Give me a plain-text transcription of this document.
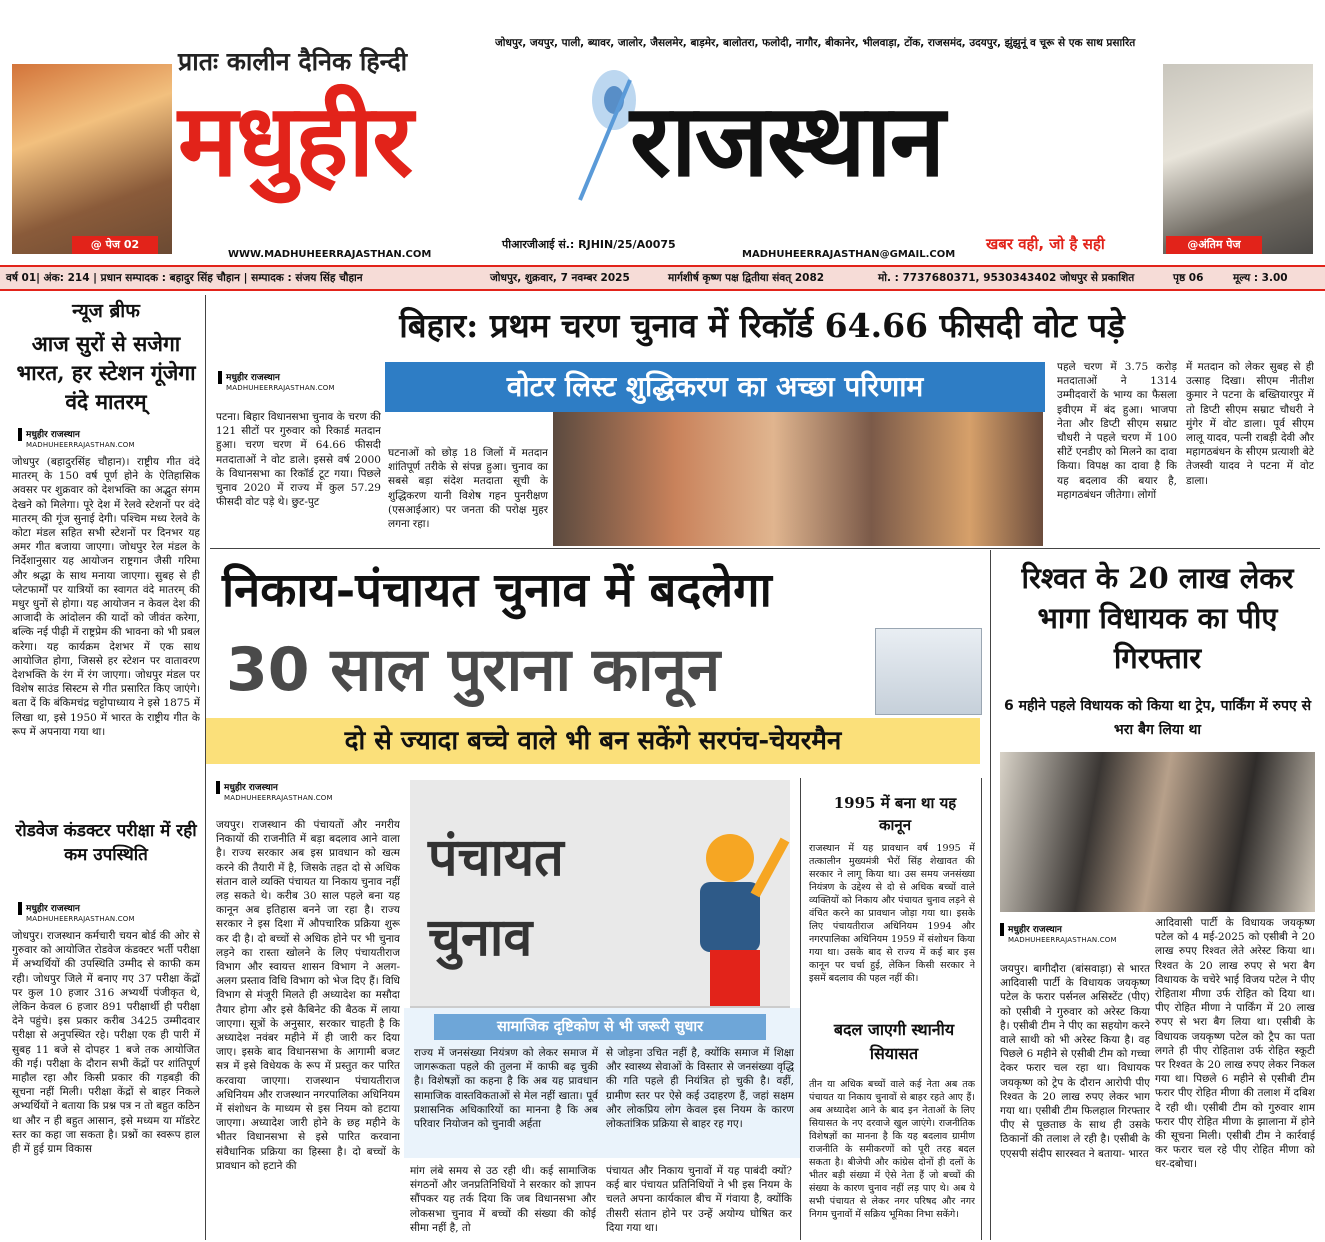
प्रातः कालीन दैनिक हिन्दी
जोधपुर, जयपुर, पाली, ब्यावर, जालोर, जैसलमेर, बाड़मेर, बालोतरा, फलोदी, नागौर, बीकानेर, भीलवाड़ा, टोंक, राजसमंद, उदयपुर, झुंझुनूं व चूरू से एक साथ प्रसारित
@ पेज 02
मधुहीर राजस्थान
@अंतिम पेज
WWW.MADHUHEERRAJASTHAN.COM
पीआरजीआई सं.: RJHIN/25/A0075
MADHUHEERRAJASTHAN@GMAIL.COM
खबर वही, जो है सही
वर्ष 01| अंक: 214 | प्रधान सम्पादक : बहादुर सिंह चौहान | सम्पादक : संजय सिंह चौहान	जोधपुर, शुक्रवार, 7 नवम्बर 2025	मार्गशीर्ष कृष्ण पक्ष द्वितीया संवत् 2082	मो. : 7737680371, 9530343402 जोधपुर से प्रकाशित	पृष्ठ 06	मूल्य : 3.00
न्यूज ब्रीफ
आज सुरों से सजेगा भारत, हर स्टेशन गूंजेगा वंदे मातरम्
मधुहीर राजस्थान
MADHUHEERRAJASTHAN.COM
जोधपुर (बहादुरसिंह चौहान)। राष्ट्रीय गीत वंदे मातरम् के 150 वर्ष पूर्ण होने के ऐतिहासिक अवसर पर शुक्रवार को देशभक्ति का अद्भुत संगम देखने को मिलेगा। पूरे देश में रेलवे स्टेशनों पर वंदे मातरम् की गूंज सुनाई देगी। पश्चिम मध्य रेलवे के कोटा मंडल सहित सभी स्टेशनों पर दिनभर यह अमर गीत बजाया जाएगा। जोधपुर रेल मंडल के निर्देशानुसार यह आयोजन राष्ट्रगान जैसी गरिमा और श्रद्धा के साथ मनाया जाएगा। सुबह से ही प्लेटफार्मों पर यात्रियों का स्वागत वंदे मातरम् की मधुर धुनों से होगा। यह आयोजन न केवल देश की आजादी के आंदोलन की यादों को जीवंत करेगा, बल्कि नई पीढ़ी में राष्ट्रप्रेम की भावना को भी प्रबल करेगा। यह कार्यक्रम देशभर में एक साथ आयोजित होगा, जिससे हर स्टेशन पर वातावरण देशभक्ति के रंग में रंग जाएगा। जोधपुर मंडल पर विशेष साउंड सिस्टम से गीत प्रसारित किए जाएंगे। बता दें कि बंकिमचंद्र चट्टोपाध्याय ने इसे 1875 में लिखा था, इसे 1950 में भारत के राष्ट्रीय गीत के रूप में अपनाया गया था।
रोडवेज कंडक्टर परीक्षा में रही कम उपस्थिति
मधुहीर राजस्थान
MADHUHEERRAJASTHAN.COM
जोधपुर। राजस्थान कर्मचारी चयन बोर्ड की ओर से गुरुवार को आयोजित रोडवेज कंडक्टर भर्ती परीक्षा में अभ्यर्थियों की उपस्थिति उम्मीद से काफी कम रही। जोधपुर जिले में बनाए गए 37 परीक्षा केंद्रों पर कुल 10 हजार 316 अभ्यर्थी पंजीकृत थे, लेकिन केवल 6 हजार 891 परीक्षार्थी ही परीक्षा देने पहुंचे। इस प्रकार करीब 3425 उम्मीदवार परीक्षा से अनुपस्थित रहे। परीक्षा एक ही पारी में सुबह 11 बजे से दोपहर 1 बजे तक आयोजित की गई। परीक्षा के दौरान सभी केंद्रों पर शांतिपूर्ण माहौल रहा और किसी प्रकार की गड़बड़ी की सूचना नहीं मिली। परीक्षा केंद्रों से बाहर निकले अभ्यर्थियों ने बताया कि प्रश्न पत्र न तो बहुत कठिन था और न ही बहुत आसान, इसे मध्यम या मॉडरेट स्तर का कहा जा सकता है। प्रश्नों का स्वरूप हाल ही में हुई ग्राम विकास
बिहार: प्रथम चरण चुनाव में रिकॉर्ड 64.66 फीसदी वोट पड़े
वोटर लिस्ट शुद्धिकरण का अच्छा परिणाम
मधुहीर राजस्थान
MADHUHEERRAJASTHAN.COM
पटना। बिहार विधानसभा चुनाव के चरण की 121 सीटों पर गुरुवार को रिकार्ड मतदान हुआ। चरण चरण में 64.66 फीसदी मतदाताओं ने वोट डाले। इससे वर्ष 2000 के विधानसभा का रिकॉर्ड टूट गया। पिछले चुनाव 2020 में राज्य में कुल 57.29 फीसदी वोट पड़े थे। छुट-पुट
घटनाओं को छोड़ 18 जिलों में मतदान शांतिपूर्ण तरीके से संपन्न हुआ। चुनाव का सबसे बड़ा संदेश मतदाता सूची के शुद्धिकरण यानी विशेष गहन पुनरीक्षण (एसआईआर) पर जनता की परोक्ष मुहर लगना रहा।
पहले चरण में 3.75 करोड़ मतदाताओं ने 1314 उम्मीदवारों के भाग्य का फैसला इवीएम में बंद हुआ। भाजपा नेता और डिप्टी सीएम सम्राट चौधरी ने पहले चरण में 100 सीटें एनडीए को मिलने का दावा किया। विपक्ष का दावा है कि यह बदलाव की बयार है, महागठबंधन जीतेगा। लोगों
में मतदान को लेकर सुबह से ही उत्साह दिखा। सीएम नीतीश कुमार ने पटना के बख्तियारपुर में तो डिप्टी सीएम सम्राट चौधरी ने मुंगेर में वोट डाला। पूर्व सीएम लालू यादव, पत्नी राबड़ी देवी और महागठबंधन के सीएम प्रत्याशी बेटे तेजस्वी यादव ने पटना में वोट डाला।
निकाय-पंचायत चुनाव में बदलेगा
30 साल पुराना कानून
दो से ज्यादा बच्चे वाले भी बन सकेंगे सरपंच-चेयरमैन
मधुहीर राजस्थान
MADHUHEERRAJASTHAN.COM
जयपुर। राजस्थान की पंचायतों और नगरीय निकायों की राजनीति में बड़ा बदलाव आने वाला है। राज्य सरकार अब इस प्रावधान को खत्म करने की तैयारी में है, जिसके तहत दो से अधिक संतान वाले व्यक्ति पंचायत या निकाय चुनाव नहीं लड़ सकते थे। करीब 30 साल पहले बना यह कानून अब इतिहास बनने जा रहा है। राज्य सरकार ने इस दिशा में औपचारिक प्रक्रिया शुरू कर दी है। दो बच्चों से अधिक होने पर भी चुनाव लड़ने का रास्ता खोलने के लिए पंचायतीराज विभाग और स्वायत्त शासन विभाग ने अलग-अलग प्रस्ताव विधि विभाग को भेज दिए हैं। विधि विभाग से मंजूरी मिलते ही अध्यादेश का मसौदा तैयार होगा और इसे कैबिनेट की बैठक में लाया जाएगा। सूत्रों के अनुसार, सरकार चाहती है कि अध्यादेश नवंबर महीने में ही जारी कर दिया जाए। इसके बाद विधानसभा के आगामी बजट सत्र में इसे विधेयक के रूप में प्रस्तुत कर पारित करवाया जाएगा। राजस्थान पंचायतीराज अधिनियम और राजस्थान नगरपालिका अधिनियम में संशोधन के माध्यम से इस नियम को हटाया जाएगा। अध्यादेश जारी होने के छह महीने के भीतर विधानसभा से इसे पारित करवाना संवैधानिक प्रक्रिया का हिस्सा है। दो बच्चों के प्रावधान को हटाने की
पंचायत
चुनाव
सामाजिक दृष्टिकोण से भी जरूरी सुधार
राज्य में जनसंख्या नियंत्रण को लेकर समाज में जागरूकता पहले की तुलना में काफी बढ़ चुकी है। विशेषज्ञों का कहना है कि अब यह प्रावधान सामाजिक वास्तविकताओं से मेल नहीं खाता। पूर्व प्रशासनिक अधिकारियों का मानना है कि अब परिवार नियोजन को चुनावी अर्हता
से जोड़ना उचित नहीं है, क्योंकि समाज में शिक्षा और स्वास्थ्य सेवाओं के विस्तार से जनसंख्या वृद्धि की गति पहले ही नियंत्रित हो चुकी है। वहीं, ग्रामीण स्तर पर ऐसे कई उदाहरण हैं, जहां सक्षम और लोकप्रिय लोग केवल इस नियम के कारण लोकतांत्रिक प्रक्रिया से बाहर रह गए।
मांग लंबे समय से उठ रही थी। कई सामाजिक संगठनों और जनप्रतिनिधियों ने सरकार को ज्ञापन सौंपकर यह तर्क दिया कि जब विधानसभा और लोकसभा चुनाव में बच्चों की संख्या की कोई सीमा नहीं है, तो
पंचायत और निकाय चुनावों में यह पाबंदी क्यों? कई बार पंचायत प्रतिनिधियों ने भी इस नियम के चलते अपना कार्यकाल बीच में गंवाया है, क्योंकि तीसरी संतान होने पर उन्हें अयोग्य घोषित कर दिया गया था।
1995 में बना था यह कानून
राजस्थान में यह प्रावधान वर्ष 1995 में तत्कालीन मुख्यमंत्री भैरों सिंह शेखावत की सरकार ने लागू किया था। उस समय जनसंख्या नियंत्रण के उद्देश्य से दो से अधिक बच्चों वाले व्यक्तियों को निकाय और पंचायत चुनाव लड़ने से वंचित करने का प्रावधान जोड़ा गया था। इसके लिए पंचायतीराज अधिनियम 1994 और नगरपालिका अधिनियम 1959 में संशोधन किया गया था। उसके बाद से राज्य में कई बार इस कानून पर चर्चा हुई, लेकिन किसी सरकार ने इसमें बदलाव की पहल नहीं की।
बदल जाएगी स्थानीय सियासत
तीन या अधिक बच्चों वाले कई नेता अब तक पंचायत या निकाय चुनावों से बाहर रहते आए हैं। अब अध्यादेश आने के बाद इन नेताओं के लिए सियासत के नए दरवाजे खुल जाएंगे। राजनीतिक विशेषज्ञों का मानना है कि यह बदलाव ग्रामीण राजनीति के समीकरणों को पूरी तरह बदल सकता है। बीजेपी और कांग्रेस दोनों ही दलों के भीतर बड़ी संख्या में ऐसे नेता हैं जो बच्चों की संख्या के कारण चुनाव नहीं लड़ पाए थे। अब ये सभी पंचायत से लेकर नगर परिषद और नगर निगम चुनावों में सक्रिय भूमिका निभा सकेंगे।
रिश्वत के 20 लाख लेकर भागा विधायक का पीए गिरफ्तार
6 महीने पहले विधायक को किया था ट्रेप, पार्किंग में रुपए से भरा बैग लिया था
मधुहीर राजस्थान
MADHUHEERRAJASTHAN.COM
जयपुर। बागीदौरा (बांसवाड़ा) से भारत आदिवासी पार्टी के विधायक जयकृष्ण पटेल के फरार पर्सनल असिस्टेंट (पीए) को एसीबी ने गुरुवार को अरेस्ट किया है। एसीबी टीम ने पीए का सहयोग करने वाले साथी को भी अरेस्ट किया है। वह पिछले 6 महीने से एसीबी टीम को गच्चा देकर फरार चल रहा था। विधायक जयकृष्ण को ट्रेप के दौरान आरोपी पीए रिश्वत के 20 लाख रुपए लेकर भाग गया था। एसीबी टीम फिलहाल गिरफ्तार पीए से पूछताछ के साथ ही उसके ठिकानों की तलाश ले रही है। एसीबी के एएसपी संदीप सारस्वत ने बताया- भारत
आदिवासी पार्टी के विधायक जयकृष्ण पटेल को 4 मई-2025 को एसीबी ने 20 लाख रुपए रिश्वत लेते अरेस्ट किया था। रिश्वत के 20 लाख रुपए से भरा बैग विधायक के चचेरे भाई विजय पटेल ने पीए रोहिताश मीणा उर्फ रोहित को दिया था। पीए रोहित मीणा ने पार्किंग में 20 लाख रुपए से भरा बैग लिया था। एसीबी के विधायक जयकृष्ण पटेल को ट्रैप का पता लगते ही पीए रोहिताश उर्फ रोहित स्कूटी पर रिश्वत के 20 लाख रुपए लेकर निकल गया था। पिछले 6 महीने से एसीबी टीम फरार पीए रोहित मीणा की तलाश में दबिश दे रही थी। एसीबी टीम को गुरुवार शाम फरार पीए रोहित मीणा के झालाना में होने की सूचना मिली। एसीबी टीम ने कार्रवाई कर फरार चल रहे पीए रोहित मीणा को धर-दबोचा।
